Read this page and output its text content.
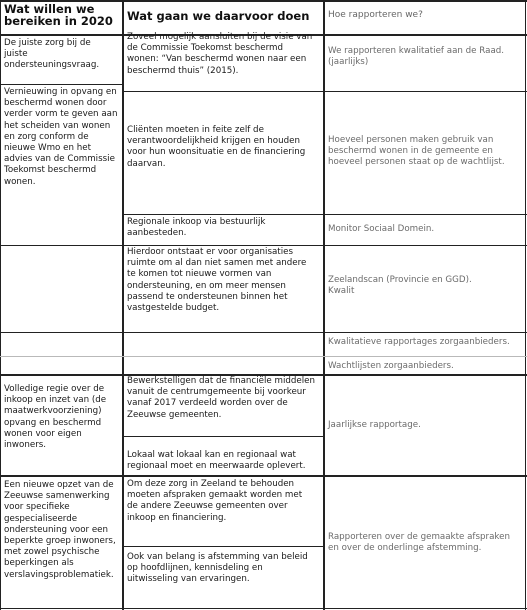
Wat willen we
bereiken in 2020	Wat gaan we daarvoor doen	Hoe rapporteren we?
De juiste zorg bij de
juiste
ondersteuningsvraag.
Vernieuwing in opvang en
beschermd wonen door
verder vorm te geven aan
het scheiden van wonen
en zorg conform de
nieuwe Wmo en het
advies van de Commissie
Toekomst beschermd
wonen.
Zoveel mogelijk aansluiten bij de visie van
de Commissie Toekomst beschermd
wonen: “Van beschermd wonen naar een
beschermd thuis” (2015).
Cliënten moeten in feite zelf de
verantwoordelijkheid krijgen en houden
voor hun woonsituatie en de financiering
daarvan.
Regionale inkoop via bestuurlijk
aanbesteden.
Hierdoor ontstaat er voor organisaties
ruimte om al dan niet samen met andere
te komen tot nieuwe vormen van
ondersteuning, en om meer mensen
passend te ondersteunen binnen het
vastgestelde budget.
We rapporteren kwalitatief aan de Raad.
(jaarlijks)
Hoeveel personen maken gebruik van
beschermd wonen in de gemeente en
hoeveel personen staat op de wachtlijst.
Monitor Sociaal Domein.
Zeelandscan (Provincie en GGD).
Kwalit
Kwalitatieve rapportages zorgaanbieders.
Wachtlijsten zorgaanbieders.
Volledige regie over de
inkoop en inzet van (de
maatwerkvoorziening)
opvang en beschermd
wonen voor eigen
inwoners.
Bewerkstelligen dat de financiële middelen
vanuit de centrumgemeente bij voorkeur
vanaf 2017 verdeeld worden over de
Zeeuwse gemeenten.
Lokaal wat lokaal kan en regionaal wat
regionaal moet en meerwaarde oplevert.
Jaarlijkse rapportage.
Een nieuwe opzet van de
Zeeuwse samenwerking
voor specifieke
gespecialiseerde
ondersteuning voor een
beperkte groep inwoners,
met zowel psychische
beperkingen als
verslavingsproblematiek.
Om deze zorg in Zeeland te behouden
moeten afspraken gemaakt worden met
de andere Zeeuwse gemeenten over
inkoop en financiering.
Ook van belang is afstemming van beleid
op hoofdlijnen, kennisdeling en
uitwisseling van ervaringen.
Rapporteren over de gemaakte afspraken
en over de onderlinge afstemming.
